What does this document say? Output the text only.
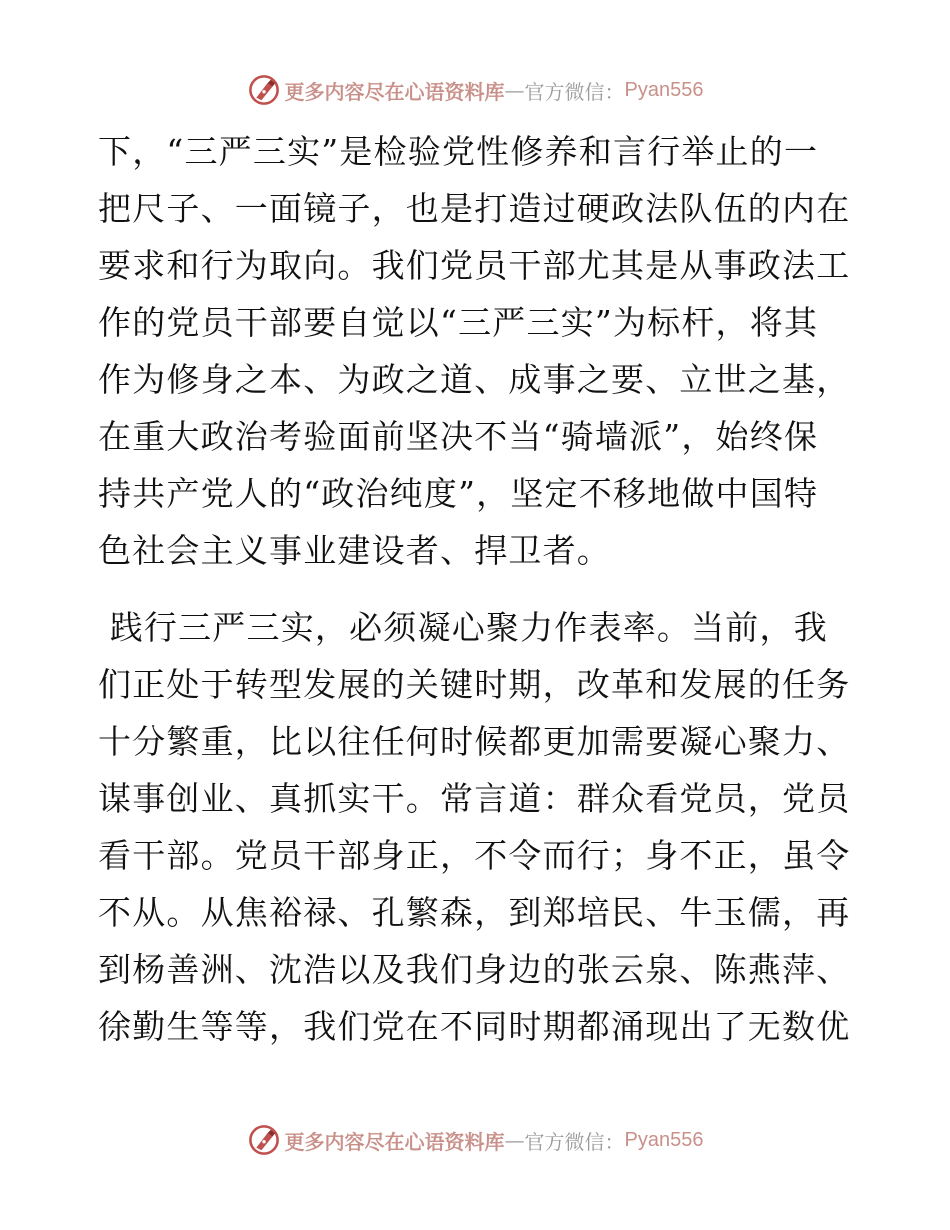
更多内容尽在心语资料库 — 官方微信： Pyan556
下，“三严三实”是检验党性修养和言行举止的一
把尺子、一面镜子，也是打造过硬政法队伍的内在
要求和行为取向。我们党员干部尤其是从事政法工
作的党员干部要自觉以“三严三实”为标杆，将其
作为修身之本、为政之道、成事之要、立世之基，
在重大政治考验面前坚决不当“骑墙派”，始终保
持共产党人的“政治纯度”，坚定不移地做中国特
色社会主义事业建设者、捍卫者。
践行三严三实，必须凝心聚力作表率。当前，我
们正处于转型发展的关键时期，改革和发展的任务
十分繁重，比以往任何时候都更加需要凝心聚力、
谋事创业、真抓实干。常言道：群众看党员，党员
看干部。党员干部身正，不令而行；身不正，虽令
不从。从焦裕禄、孔繁森，到郑培民、牛玉儒，再
到杨善洲、沈浩以及我们身边的张云泉、陈燕萍、
徐勤生等等，我们党在不同时期都涌现出了无数优
更多内容尽在心语资料库 — 官方微信： Pyan556
